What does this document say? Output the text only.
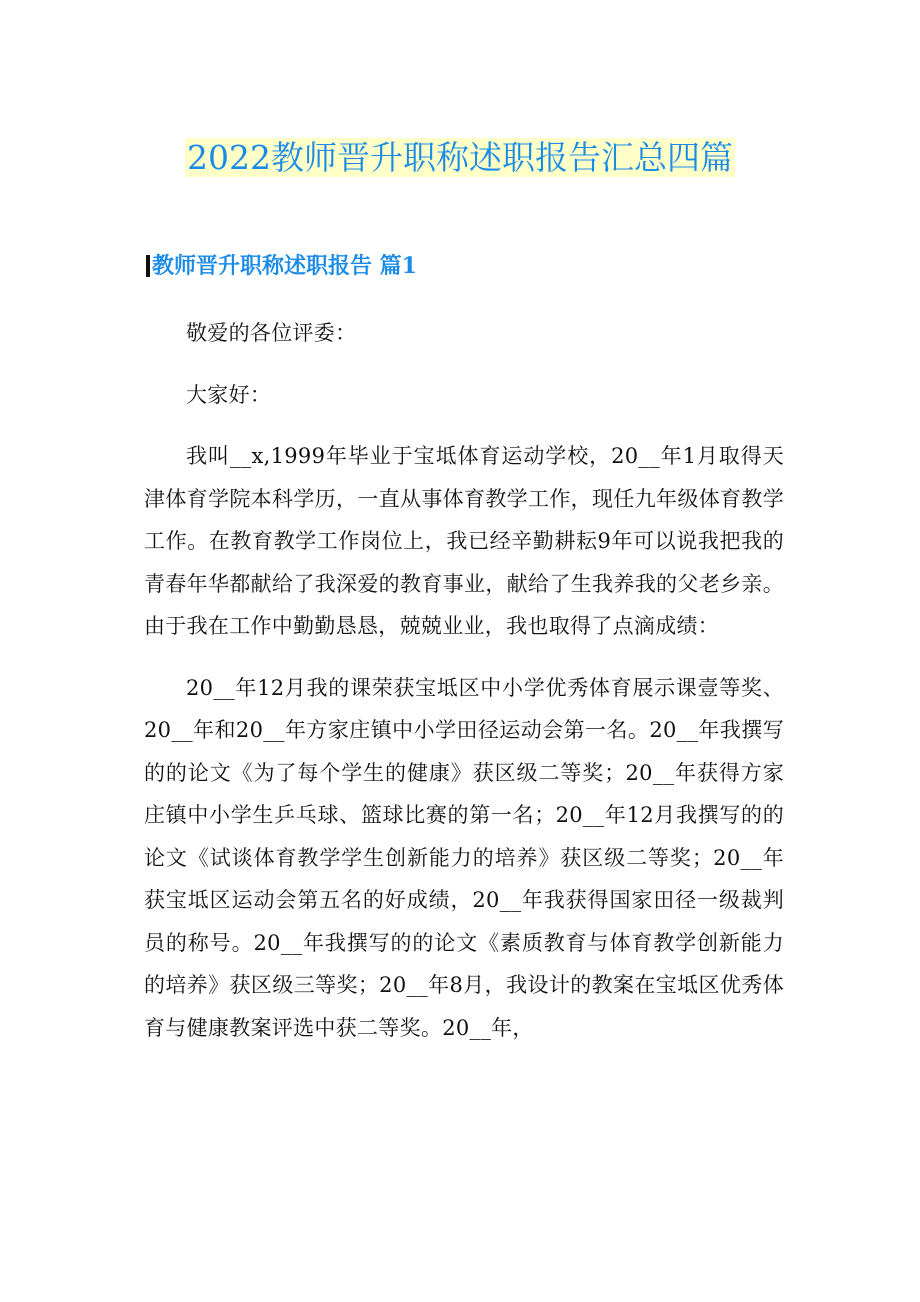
2022教师晋升职称述职报告汇总四篇
教师晋升职称述职报告 篇1

敬爱的各位评委：

大家好：

我叫__x,1999年毕业于宝坻体育运动学校，20__年1月取得天津体育学院本科学历，一直从事体育教学工作，现任九年级体育教学工作。在教育教学工作岗位上，我已经辛勤耕耘9年可以说我把我的青春年华都献给了我深爱的教育事业，献给了生我养我的父老乡亲。由于我在工作中勤勤恳恳，兢兢业业，我也取得了点滴成绩：

20__年12月我的课荣获宝坻区中小学优秀体育展示课壹等奖、20__年和20__年方家庄镇中小学田径运动会第一名。20__年我撰写的的论文《为了每个学生的健康》获区级二等奖；20__年获得方家庄镇中小学生乒乓球、篮球比赛的第一名；20__年12月我撰写的的论文《试谈体育教学学生创新能力的培养》获区级二等奖；20__年获宝坻区运动会第五名的好成绩，20__年我获得国家田径一级裁判员的称号。20__年我撰写的的论文《素质教育与体育教学创新能力的培养》获区级三等奖；20__年8月，我设计的教案在宝坻区优秀体育与健康教案评选中获二等奖。20__年，
